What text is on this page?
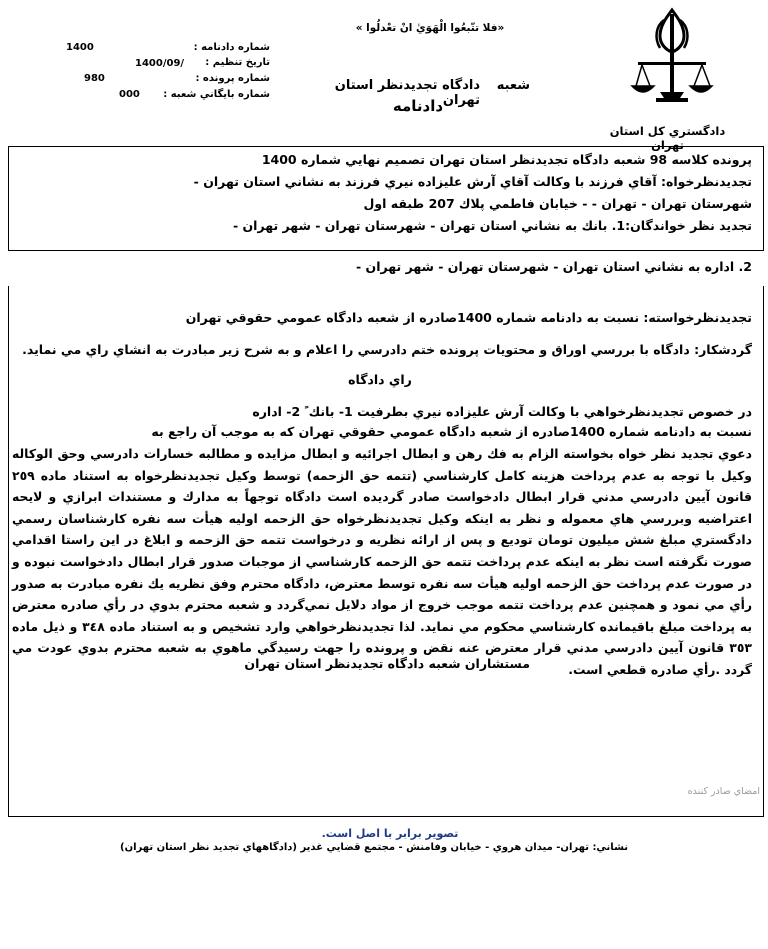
دادگستري كل استان تهران
«فلا تتّبعُوا الْهَوَيٰ انْ تعْدلُوا »
شعبه
دادگاه تجديدنظر استان تهران
دادنامه
شماره دادنامه :
1400
تاريخ تنظيم :
1400/09/
شماره پرونده :
980
شماره بايگاني شعبه :
000
پرونده كلاسه 98 شعبه دادگاه تجديدنظر استان تهران تصميم نهايي شماره 1400
تجديدنظرخواه: آقاي فرزند با وكالت آقاي آرش عليزاده نيري فرزند به نشاني استان تهران -
شهرستان تهران - تهران - - خيابان فاطمي پلاك 207 طبقه اول
تجديد نظر خواندگان:1. بانك به نشاني استان تهران - شهرستان تهران - شهر تهران -
2. اداره به نشاني استان تهران - شهرستان تهران - شهر تهران -
تجديدنظرخواسته: نسبت به دادنامه شماره 1400صادره از شعبه دادگاه عمومي حقوقي تهران
گردشكار: دادگاه با بررسي اوراق و محتويات پرونده ختم دادرسي را اعلام و به شرح زير مبادرت به انشاي راي مي نمايد.
راي دادگاه
در خصوص تجديدنظرخواهي با وكالت آرش عليزاده نيري بطرفيت 1- بانك ً 2- اداره
نسبت به دادنامه شماره 1400صادره از شعبه دادگاه عمومي حقوقي تهران كه به موجب آن راجع به
دعوي تجديد نظر خواه بخواسته الزام به فك رهن و ابطال اجرائيه و ابطال مزايده و مطالبه خسارات دادرسي وحق الوكاله وكيل با توجه به عدم پرداخت هزينه كامل كارشناسي (تتمه حق الزحمه) توسط وكيل تجديدنظرخواه به استناد ماده ٢٥٩ قانون آيين دادرسي مدني قرار ابطال دادخواست صادر گرديده است دادگاه توجهاً به مدارك و مستندات ابرازي و لايحه اعتراضيه وبررسي هاي معموله و نظر به اينكه وكيل تجديدنظرخواه حق الزحمه اوليه هيأت سه نفره كارشناسان رسمي دادگستري مبلغ شش ميليون تومان توديع و پس از ارائه نظريه و درخواست تتمه حق الزحمه و ابلاغ در اين راستا اقدامي صورت نگرفته است نظر به اينكه عدم پرداخت تتمه حق الزحمه كارشناسي از موجبات صدور قرار ابطال دادخواست نبوده و در صورت عدم پرداخت حق الزحمه اوليه هيأت سه نفره توسط معترض، دادگاه محترم وفق نظريه يك نفره مبادرت به صدور رأي مي نمود و همچنين عدم پرداخت تتمه موجب خروج از مواد دلايل نمي‌گردد و شعبه محترم بدوي در رأي صادره معترض به پرداخت مبلغ باقيمانده كارشناسي محكوم مي نمايد. لذا تجديدنظرخواهي وارد تشخيص و به استناد ماده ٣٤٨ و ذيل ماده ٣٥٣ قانون آيين دادرسي مدني قرار معترض عنه نقض و پرونده را جهت رسيدگي ماهوي به شعبه محترم بدوي عودت مي گردد .رأي صادره قطعي است.
مستشاران شعبه دادگاه تجديدنظر استان تهران
امضاي صادر كننده
تصوير برابر با اصل است.
نشاني: تهران- ميدان هروي - خيابان وفامنش - مجتمع قضايي غدير (دادگاههاي تجديد نظر استان تهران)
